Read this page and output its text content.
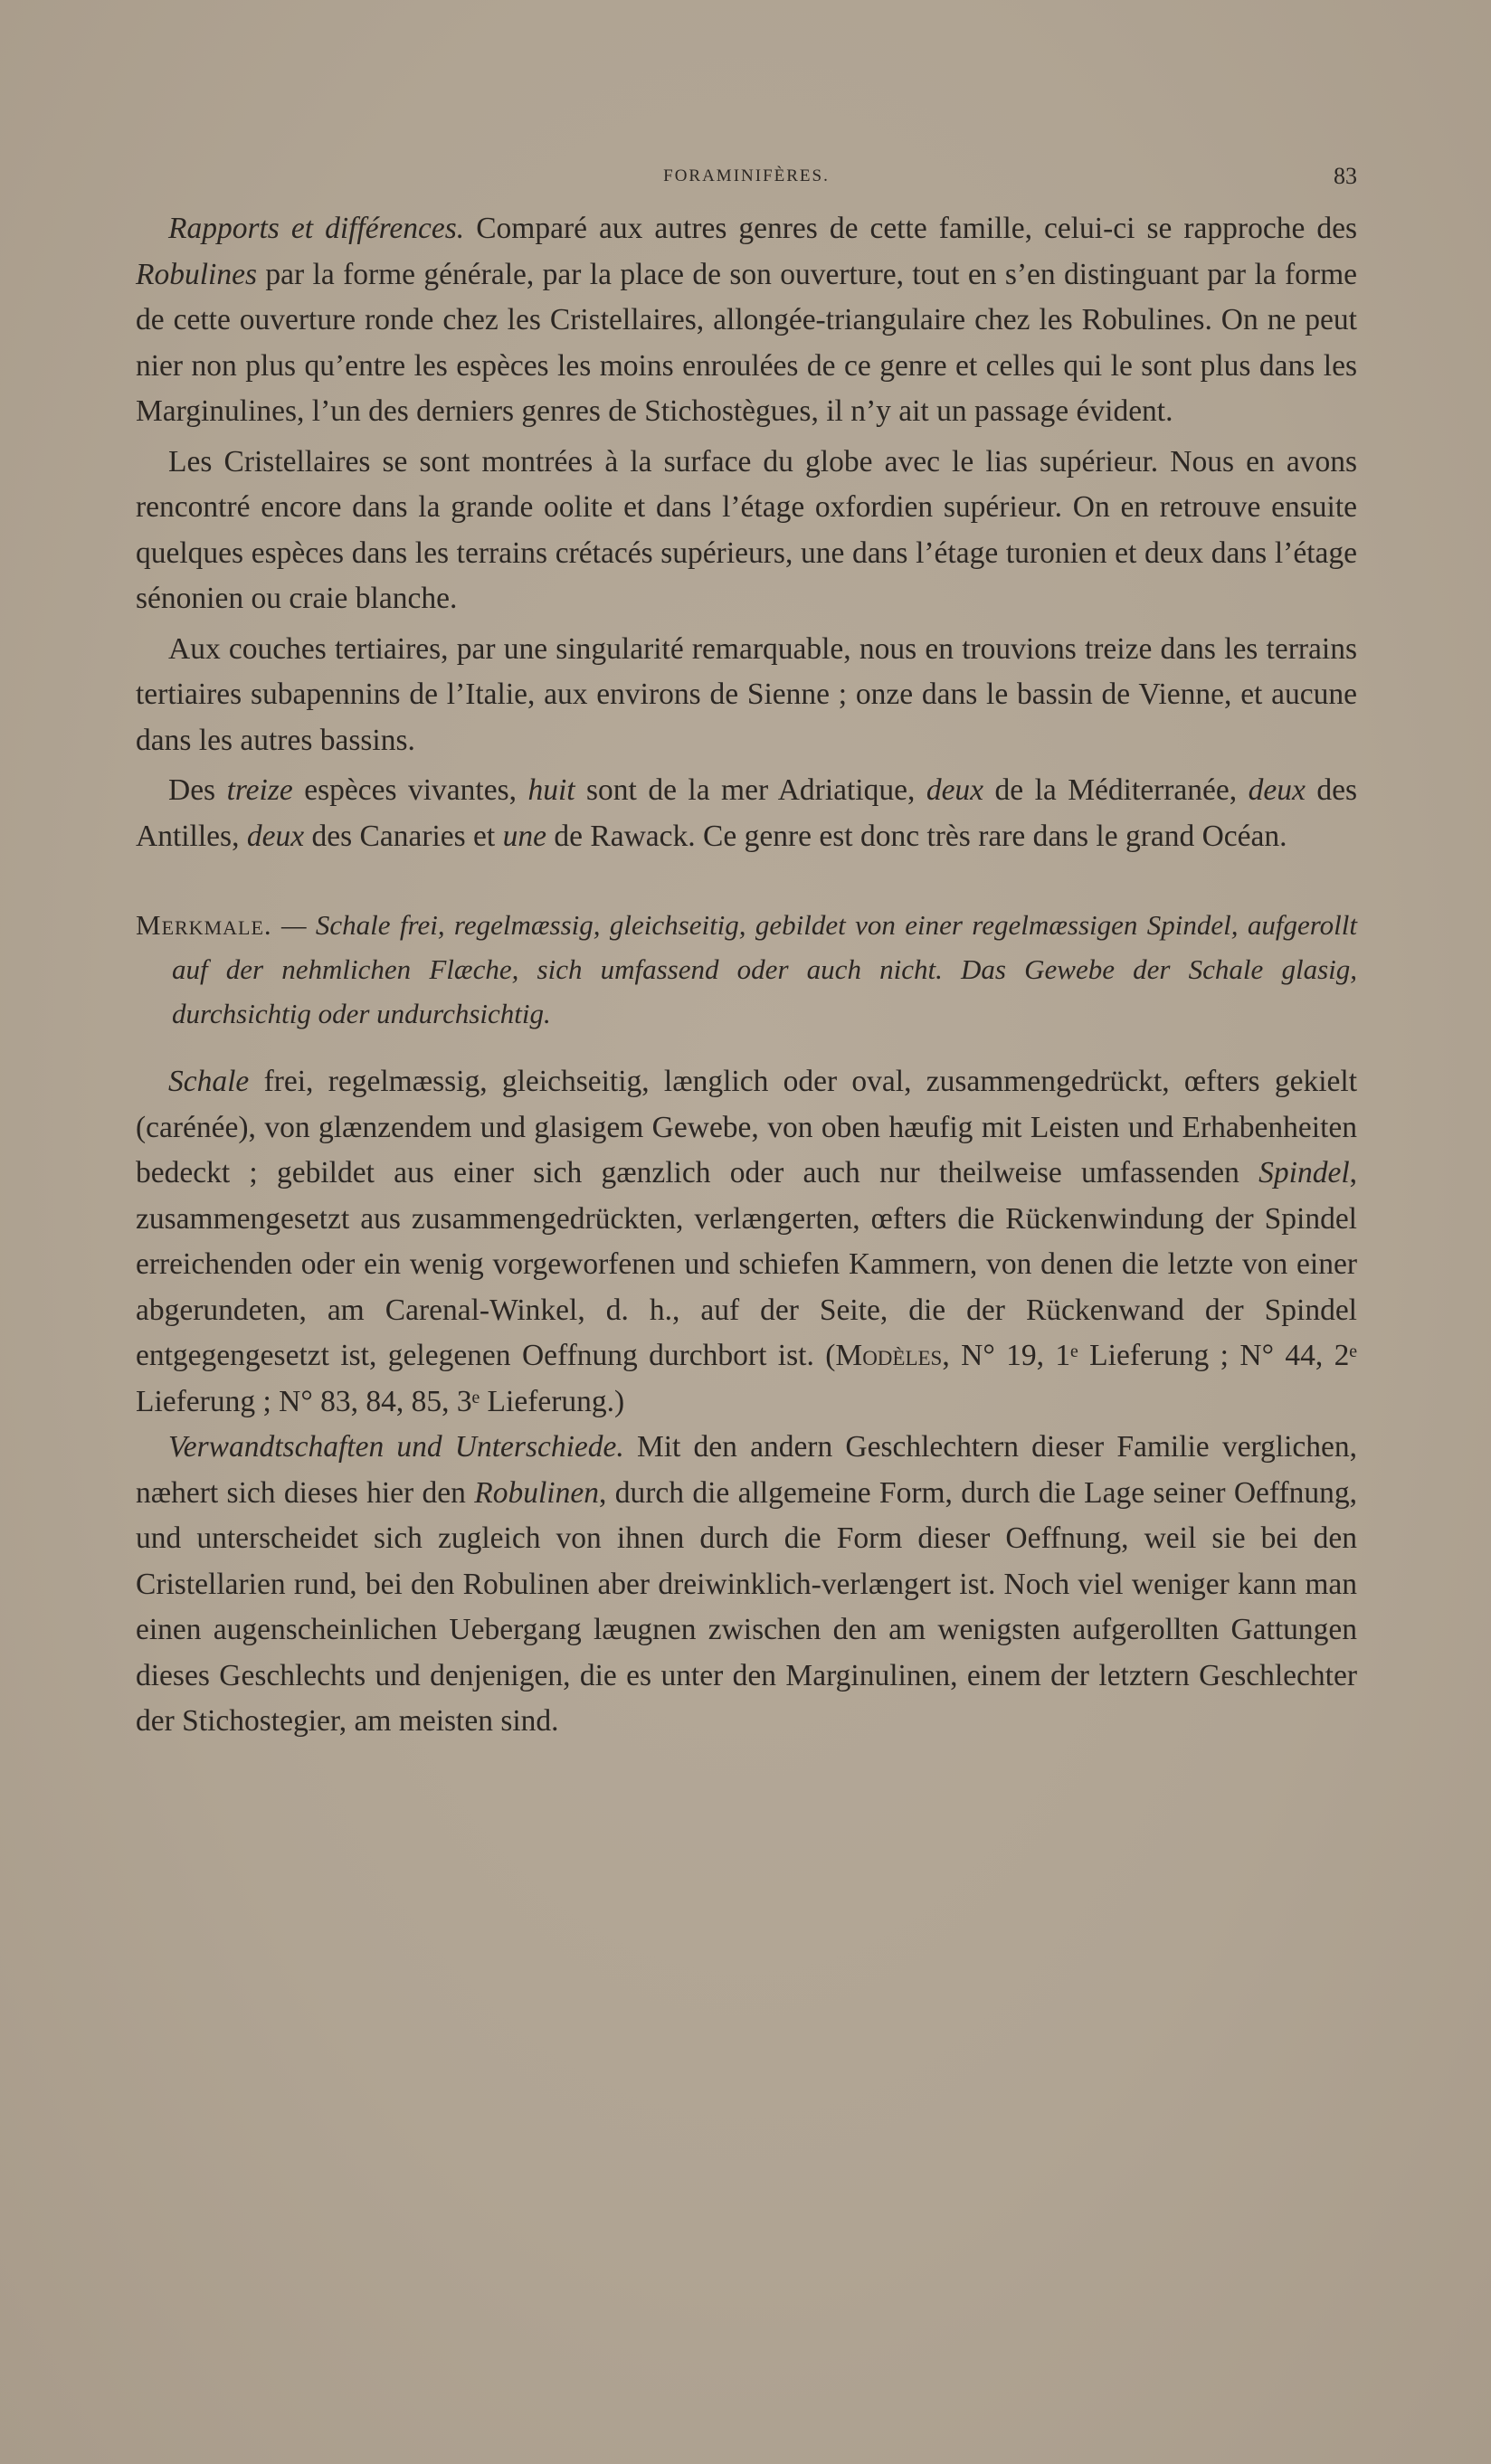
FORAMINIFÈRES.	83

Rapports et différences. Comparé aux autres genres de cette famille, celui-ci se rapproche des Robulines par la forme générale, par la place de son ouverture, tout en s’en distinguant par la forme de cette ouverture ronde chez les Cristellaires, allongée-triangulaire chez les Robulines. On ne peut nier non plus qu’entre les espèces les moins enroulées de ce genre et celles qui le sont plus dans les Marginulines, l’un des derniers genres de Stichostègues, il n’y ait un passage évident.

Les Cristellaires se sont montrées à la surface du globe avec le lias supérieur. Nous en avons rencontré encore dans la grande oolite et dans l’étage oxfordien supérieur. On en retrouve ensuite quelques espèces dans les terrains crétacés supérieurs, une dans l’étage turonien et deux dans l’étage sénonien ou craie blanche.

Aux couches tertiaires, par une singularité remarquable, nous en trouvions treize dans les terrains tertiaires subapennins de l’Italie, aux environs de Sienne ; onze dans le bassin de Vienne, et aucune dans les autres bassins.

Des treize espèces vivantes, huit sont de la mer Adriatique, deux de la Méditerranée, deux des Antilles, deux des Canaries et une de Rawack. Ce genre est donc très rare dans le grand Océan.

Merkmale. — Schale frei, regelmæssig, gleichseitig, gebildet von einer regelmæssigen Spindel, aufgerollt auf der nehmlichen Flæche, sich umfassend oder auch nicht. Das Gewebe der Schale glasig, durchsichtig oder undurchsichtig.

Schale frei, regelmæssig, gleichseitig, længlich oder oval, zusammengedrückt, œfters gekielt (carénée), von glænzendem und glasigem Gewebe, von oben hæufig mit Leisten und Erhabenheiten bedeckt ; gebildet aus einer sich gænzlich oder auch nur theilweise umfassenden Spindel, zusammengesetzt aus zusammengedrückten, verlængerten, œfters die Rückenwindung der Spindel erreichenden oder ein wenig vorgeworfenen und schiefen Kammern, von denen die letzte von einer abgerundeten, am Carenal-Winkel, d. h., auf der Seite, die der Rückenwand der Spindel entgegengesetzt ist, gelegenen Oeffnung durchbort ist. (Modèles, N° 19, 1ᵉ Lieferung ; N° 44, 2ᵉ Lieferung ; N° 83, 84, 85, 3ᵉ Lieferung.)

Verwandtschaften und Unterschiede. Mit den andern Geschlechtern dieser Familie verglichen, næhert sich dieses hier den Robulinen, durch die allgemeine Form, durch die Lage seiner Oeffnung, und unterscheidet sich zugleich von ihnen durch die Form dieser Oeffnung, weil sie bei den Cristellarien rund, bei den Robulinen aber dreiwinklich-verlængert ist. Noch viel weniger kann man einen augenscheinlichen Uebergang læugnen zwischen den am wenigsten aufgerollten Gattungen dieses Geschlechts und denjenigen, die es unter den Marginulinen, einem der letztern Geschlechter der Stichostegier, am meisten sind.
